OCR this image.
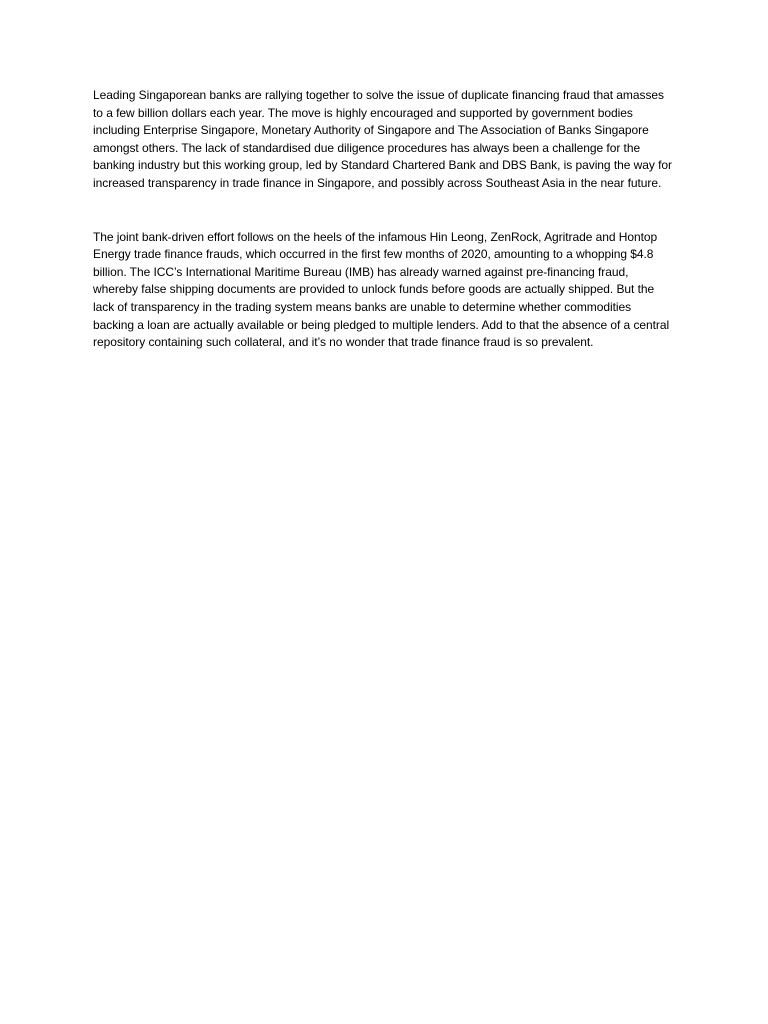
Leading Singaporean banks are rallying together to solve the issue of duplicate financing fraud that amasses to a few billion dollars each year. The move is highly encouraged and supported by government bodies including Enterprise Singapore, Monetary Authority of Singapore and The Association of Banks Singapore amongst others. The lack of standardised due diligence procedures has always been a challenge for the banking industry but this working group, led by Standard Chartered Bank and DBS Bank, is paving the way for increased transparency in trade finance in Singapore, and possibly across Southeast Asia in the near future.

The joint bank-driven effort follows on the heels of the infamous Hin Leong, ZenRock, Agritrade and Hontop Energy trade finance frauds, which occurred in the first few months of 2020, amounting to a whopping $4.8 billion. The ICC’s International Maritime Bureau (IMB) has already warned against pre-financing fraud, whereby false shipping documents are provided to unlock funds before goods are actually shipped. But the lack of transparency in the trading system means banks are unable to determine whether commodities backing a loan are actually available or being pledged to multiple lenders. Add to that the absence of a central repository containing such collateral, and it’s no wonder that trade finance fraud is so prevalent.
